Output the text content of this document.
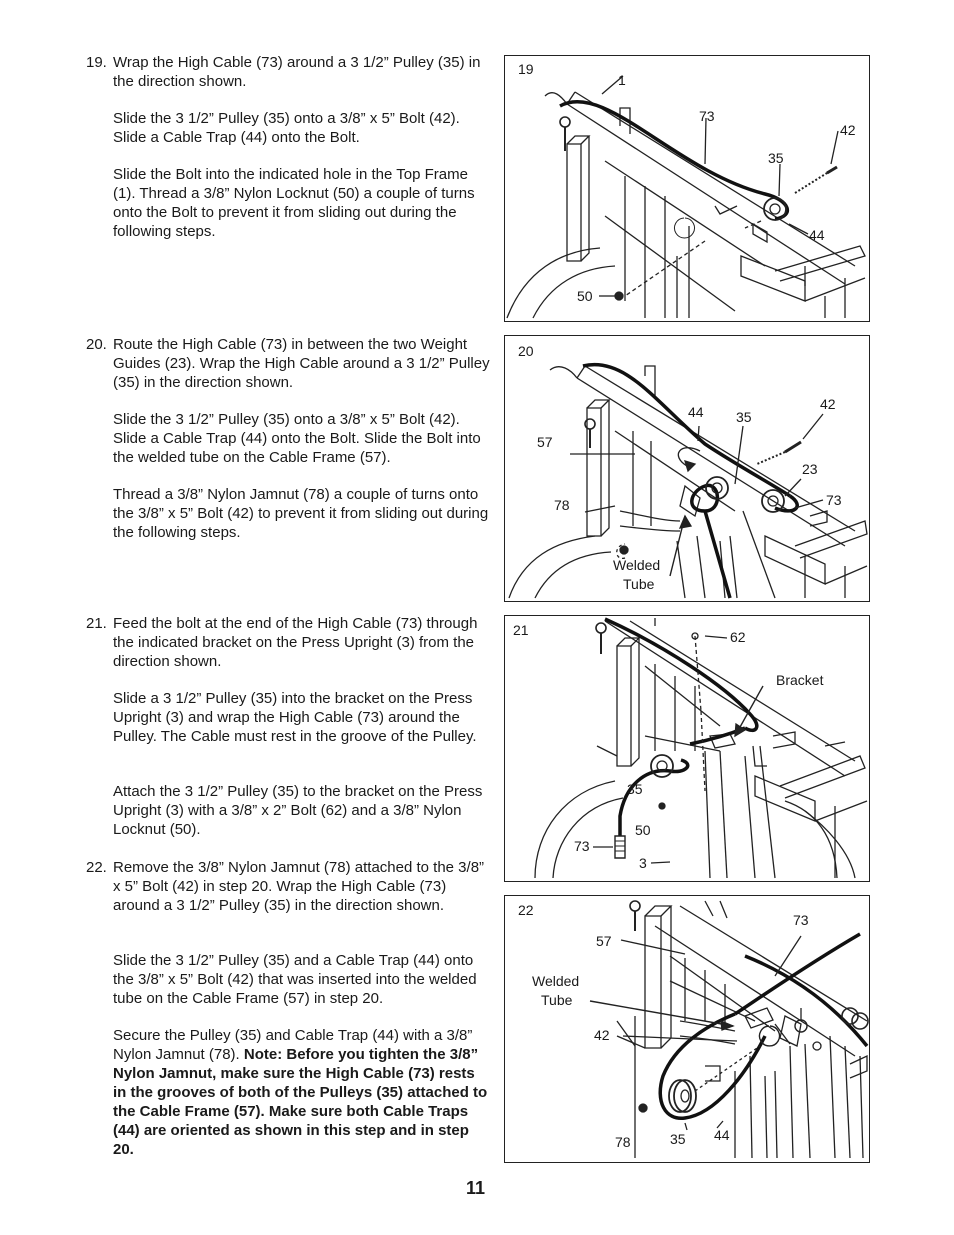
19. Wrap the High Cable (73) around a 3 1/2” Pulley (35) in the direction shown.

Slide the 3 1/2” Pulley (35) onto a 3/8” x 5” Bolt (42). Slide a Cable Trap (44) onto the Bolt.

Slide the Bolt into the indicated hole in the Top Frame (1). Thread a 3/8” Nylon Locknut (50) a couple of turns onto the Bolt to prevent it from sliding out during the following steps.

20. Route the High Cable (73) in between the two Weight Guides (23). Wrap the High Cable around a 3 1/2” Pulley (35) in the direction shown.

Slide the 3 1/2” Pulley (35) onto a 3/8” x 5” Bolt (42). Slide a Cable Trap (44) onto the Bolt. Slide the Bolt into the welded tube on the Cable Frame (57).

Thread a 3/8” Nylon Jamnut (78) a couple of turns onto the 3/8” x 5” Bolt (42) to prevent it from sliding out during the following steps.

21. Feed the bolt at the end of the High Cable (73) through the indicated bracket on the Press Upright (3) from the direction shown.

Slide a 3 1/2” Pulley (35) into the bracket on the Press Upright (3) and wrap the High Cable (73) around the Pulley. The Cable must rest in the groove of the Pulley.

Attach the 3 1/2” Pulley (35) to the bracket on the Press Upright (3) with a 3/8” x 2” Bolt (62) and a 3/8” Nylon Locknut (50).

22. Remove the 3/8” Nylon Jamnut (78) attached to the 3/8” x 5” Bolt (42) in step 20. Wrap the High Cable (73) around a 3 1/2” Pulley (35) in the direction shown.

Slide the 3 1/2” Pulley (35) and a Cable Trap (44) onto the 3/8” x 5” Bolt (42) that was inserted into the welded tube on the Cable Frame (57) in step 20.

Secure the Pulley (35) and Cable Trap (44) with a 3/8” Nylon Jamnut (78). Note: Before you tighten the 3/8” Nylon Jamnut, make sure the High Cable (73) rests in the grooves of both of the Pulleys (35) attached to the Cable Frame (57). Make sure both Cable Traps (44) are oriented as shown in this step and in step 20.

19
1
73
42
35
44
50
20
44 35
42
57
23
78	73
Welded
Tube
21	62
Bracket
35
50
73
3
22
73
57
Welded
Tube
42
78	35 44
11
